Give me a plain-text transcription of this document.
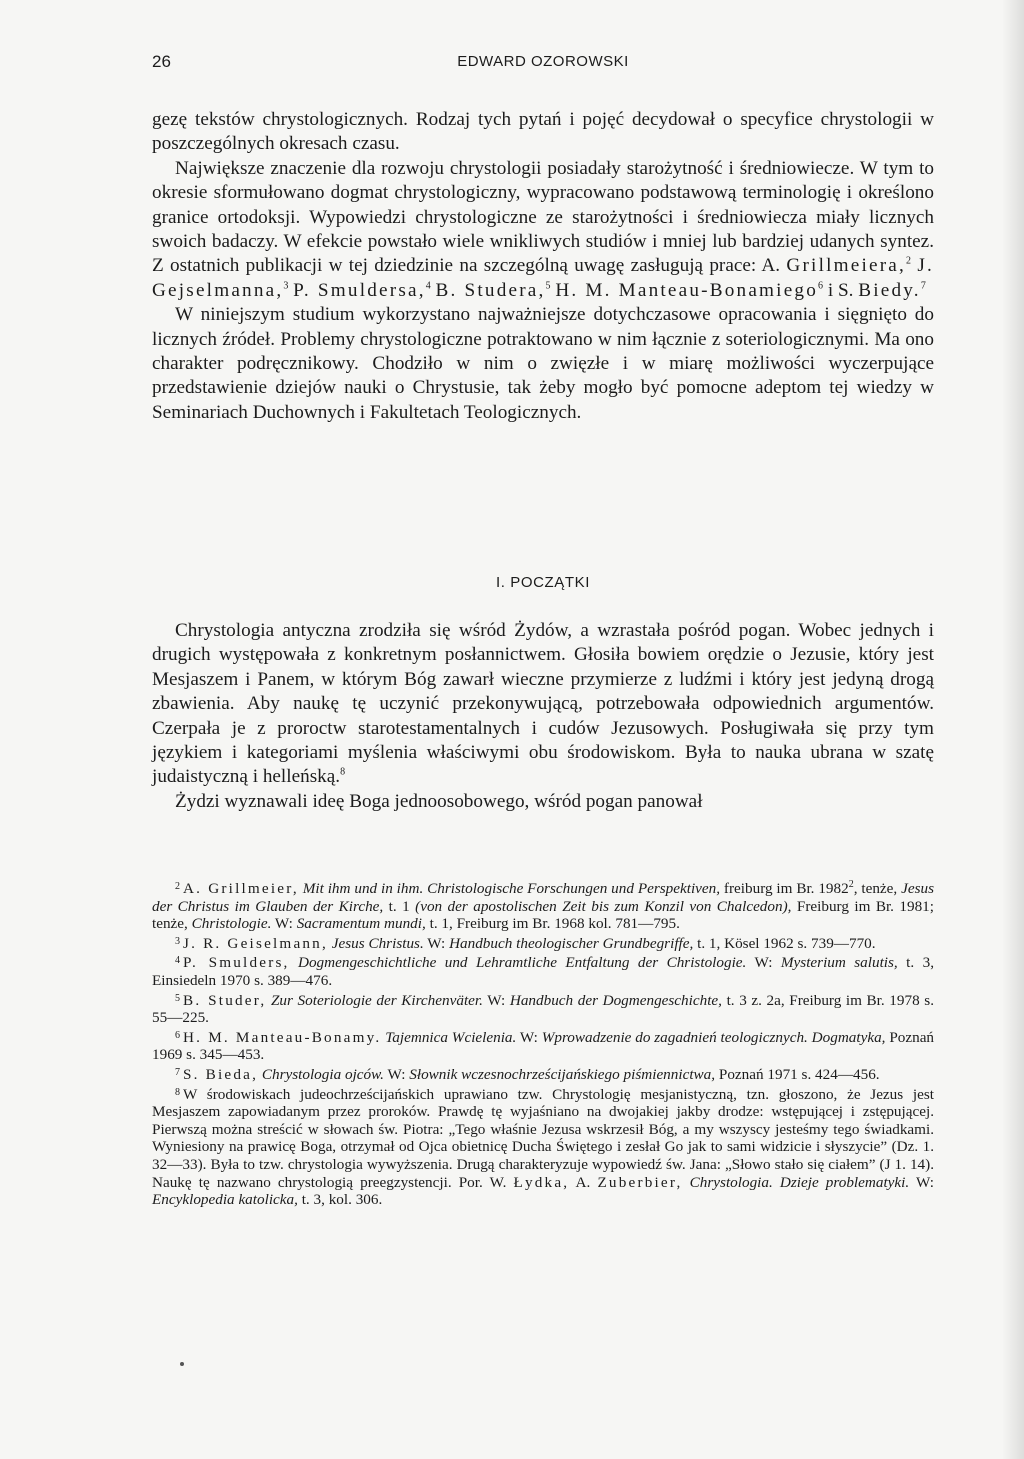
26	EDWARD OZOROWSKI

gezę tekstów chrystologicznych. Rodzaj tych pytań i pojęć decydował o specyfice chrystologii w poszczególnych okresach czasu.

Największe znaczenie dla rozwoju chrystologii posiadały starożytność i średniowiecze. W tym to okresie sformułowano dogmat chrystologiczny, wypracowano podstawową terminologię i określono granice ortodoksji. Wypowiedzi chrystologiczne ze starożytności i średniowiecza miały licznych swoich badaczy. W efekcie powstało wiele wnikliwych studiów i mniej lub bardziej udanych syntez. Z ostatnich publikacji w tej dziedzinie na szczególną uwagę zasługują prace: A. Grillmeiera,$^2$ J. Gejselmanna,$^3$ P. Smuldersa,$^4$ B. Studera,$^5$ H. M. Manteau-Bonamiego$^6$ i S. Biedy.$^7$

W niniejszym studium wykorzystano najważniejsze dotychczasowe opracowania i sięgnięto do licznych źródeł. Problemy chrystologiczne potraktowano w nim łącznie z soteriologicznymi. Ma ono charakter podręcznikowy. Chodziło w nim o zwięzłe i w miarę możliwości wyczerpujące przedstawienie dziejów nauki o Chrystusie, tak żeby mogło być pomocne adeptom tej wiedzy w Seminariach Duchownych i Fakultetach Teologicznych.

I. POCZĄTKI

Chrystologia antyczna zrodziła się wśród Żydów, a wzrastała pośród pogan. Wobec jednych i drugich występowała z konkretnym posłannictwem. Głosiła bowiem orędzie o Jezusie, który jest Mesjaszem i Panem, w którym Bóg zawarł wieczne przymierze z ludźmi i który jest jedyną drogą zbawienia. Aby naukę tę uczynić przekonywującą, potrzebowała odpowiednich argumentów. Czerpała je z proroctw starotestamentalnych i cudów Jezusowych. Posługiwała się przy tym językiem i kategoriami myślenia właściwymi obu środowiskom. Była to nauka ubrana w szatę judaistyczną i helleńską.$^8$

Żydzi wyznawali ideę Boga jednoosobowego, wśród pogan panował

$^2$ A. Grillmeier, Mit ihm und in ihm. Christologische Forschungen und Perspektiven, freiburg im Br. 1982$^2$, tenże, Jesus der Christus im Glauben der Kirche, t. 1 (von der apostolischen Zeit bis zum Konzil von Chalcedon), Freiburg im Br. 1981; tenże, Christologie. W: Sacramentum mundi, t. 1, Freiburg im Br. 1968 kol. 781—795.

$^3$ J. R. Geiselmann, Jesus Christus. W: Handbuch theologischer Grundbegriffe, t. 1, Kösel 1962 s. 739—770.

$^4$ P. Smulders, Dogmengeschichtliche und Lehramtliche Entfaltung der Christologie. W: Mysterium salutis, t. 3, Einsiedeln 1970 s. 389—476.

$^5$ B. Studer, Zur Soteriologie der Kirchenväter. W: Handbuch der Dogmengeschichte, t. 3 z. 2a, Freiburg im Br. 1978 s. 55—225.

$^6$ H. M. Manteau-Bonamy. Tajemnica Wcielenia. W: Wprowadzenie do zagadnień teologicznych. Dogmatyka, Poznań 1969 s. 345—453.

$^7$ S. Bieda, Chrystologia ojców. W: Słownik wczesnochrześcijańskiego piśmiennictwa, Poznań 1971 s. 424—456.

$^8$ W środowiskach judeochrześcijańskich uprawiano tzw. Chrystologię mesjanistyczną, tzn. głoszono, że Jezus jest Mesjaszem zapowiadanym przez proroków. Prawdę tę wyjaśniano na dwojakiej jakby drodze: wstępującej i zstępującej. Pierwszą można streścić w słowach św. Piotra: „Tego właśnie Jezusa wskrzesił Bóg, a my wszyscy jesteśmy tego świadkami. Wyniesiony na prawicę Boga, otrzymał od Ojca obietnicę Ducha Świętego i zesłał Go jak to sami widzicie i słyszycie” (Dz. 1. 32—33). Była to tzw. chrystologia wywyższenia. Drugą charakteryzuje wypowiedź św. Jana: „Słowo stało się ciałem” (J 1. 14). Naukę tę nazwano chrystologią preegzystencji. Por. W. Łydka, A. Zuberbier, Chrystologia. Dzieje problematyki. W: Encyklopedia katolicka, t. 3, kol. 306.
